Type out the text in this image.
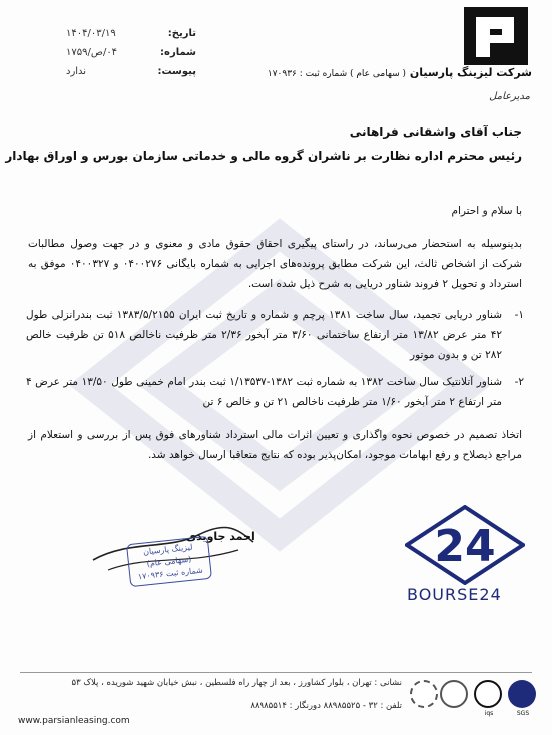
شرکت لیزینگ پارسیان ( سهامی عام ) شماره ثبت : ۱۷۰۹۳۶
مدیرعامل
تاریخ:
۱۴۰۴/۰۳/۱۹
شماره:
۰۴/ص/۱۷۵۹
پیوست:
ندارد
جناب آقای واشقانی فراهانی
رئیس محترم اداره نظارت بر ناشران گروه مالی و خدماتی سازمان بورس و اوراق بهادار
با سلام و احترام
بدینوسیله به استحضار می‌رساند، در راستای پیگیری احقاق حقوق مادی و معنوی و در جهت وصول مطالبات شرکت از اشخاص ثالث، این شرکت مطابق پرونده‌های اجرایی به شماره بایگانی ۰۴۰۰۲۷۶ و ۰۴۰۰۳۲۷ موفق به استرداد و تحویل ۲ فروند شناور دریایی به شرح ذیل شده است.
۱-
شناور دریایی تجمید، سال ساخت ۱۳۸۱ پرچم و شماره و تاریخ ثبت ایران ۱۳۸۳/۵/۲۱۵۵ ثبت بندرانزلی طول ۴۲ متر عرض ۱۳/۸۲ متر ارتفاع ساختمانی ۳/۶۰ متر آبخور ۲/۳۶ متر ظرفیت ناخالص ۵۱۸ تن ظرفیت خالص ۲۸۲ تن و بدون موتور
۲-
شناور آتلانتیک سال ساخت ۱۳۸۲ به شماره ثبت ۱۳۸۲-۱/۱۳۵۳۷ ثبت بندر امام خمینی طول ۱۳/۵۰ متر عرض ۴ متر ارتفاع ۲ متر آبخور ۱/۶۰ متر ظرفیت ناخالص ۲۱ تن و خالص ۶ تن
اتخاذ تصمیم در خصوص نحوه واگذاری و تعیین اثرات مالی استرداد شناورهای فوق پس از بررسی و استعلام از مراجع ذیصلاح و رفع ابهامات موجود، امکان‌پذیر بوده که نتایج متعاقبا ارسال خواهد شد.
احمد جاویدی
لیزینگ پارسیان
(سهامی عام)
شماره ثبت ۱۷۰۹۳۶
24
BOURSE24
نشانی : تهران ، بلوار کشاورز ، بعد از چهار راه فلسطین ، نبش خیابان شهید شوریده ، پلاک ۵۳
تلفن : ۳۲ - ۸۸۹۸۵۵۲۵ دورنگار : ۸۸۹۸۵۵۱۴
www.parsianleasing.com
SGS
iqs
